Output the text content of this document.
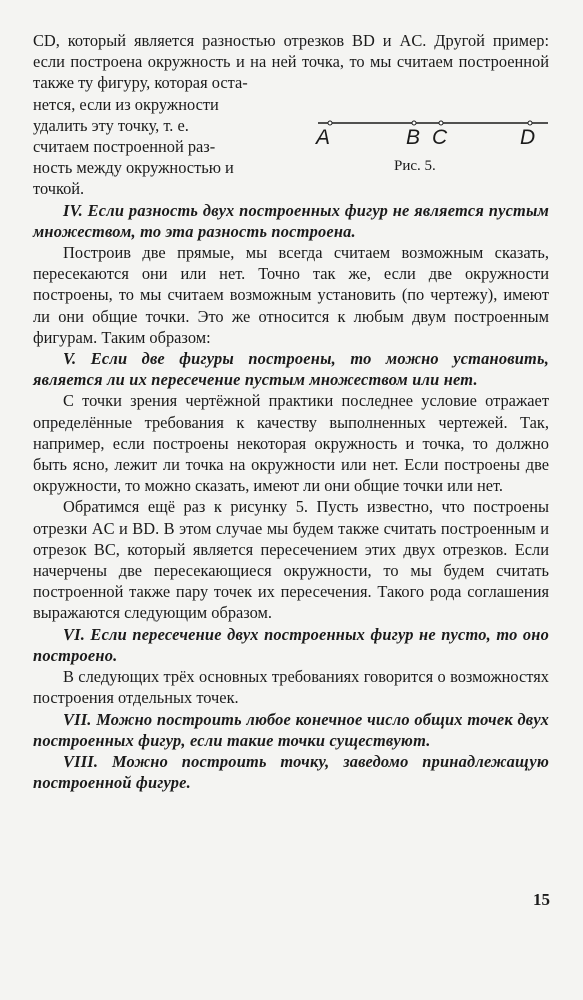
CD, который является разностью отрезков BD и AC. Другой пример: если построена окружность и на ней точка, то мы считаем построенной также ту фигуру, которая оста-

нется, если из окружности

удалить эту точку, т. е.

считаем построенной раз-

ность между окружностью и

точкой.

IV. Если разность двух построенных фигур не является пустым множеством, то эта разность построена.

Построив две прямые, мы всегда считаем возможным сказать, пересекаются они или нет. Точно так же, если две окружности построены, то мы считаем возможным установить (по чертежу), имеют ли они общие точки. Это же относится к любым двум построенным фигурам. Таким образом:

V. Если две фигуры построены, то можно установить, является ли их пересечение пустым множеством или нет.

С точки зрения чертёжной практики последнее условие отражает определённые требования к качеству выполненных чертежей. Так, например, если построены некоторая окружность и точка, то должно быть ясно, лежит ли точка на окружности или нет. Если построены две окружности, то можно сказать, имеют ли они общие точки или нет.

Обратимся ещё раз к рисунку 5. Пусть известно, что построены отрезки AC и BD. В этом случае мы будем также считать построенным и отрезок BC, который является пересечением этих двух отрезков. Если начерчены две пересекающиеся окружности, то мы будем считать построенной также пару точек их пересечения. Такого рода соглашения выражаются следующим образом.

VI. Если пересечение двух построенных фигур не пусто, то оно построено.

В следующих трёх основных требованиях говорится о возможностях построения отдельных точек.

VII. Можно построить любое конечное число общих точек двух построенных фигур, если такие точки существуют.

VIII. Можно построить точку, заведомо принадлежащую построенной фигуре.

A	B C	D
Рис. 5.
15
